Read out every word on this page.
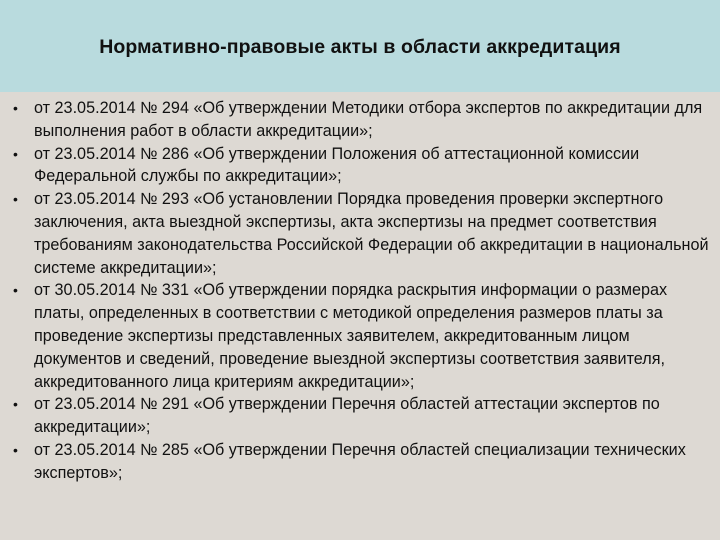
Нормативно-правовые акты в области аккредитация
• от 23.05.2014 № 294 «Об утверждении Методики отбора экспертов по аккредитации для выполнения работ в области аккредитации»;
• от 23.05.2014 № 286 «Об утверждении Положения об аттестационной комиссии Федеральной службы по аккредитации»;
• от 23.05.2014 № 293 «Об установлении Порядка проведения проверки экспертного заключения, акта выездной экспертизы, акта экспертизы на предмет соответствия требованиям законодательства Российской Федерации об аккредитации в национальной системе аккредитации»;
• от 30.05.2014 № 331 «Об утверждении порядка раскрытия информации о размерах платы, определенных в соответствии с методикой определения размеров платы за проведение экспертизы представленных заявителем, аккредитованным лицом документов и сведений, проведение выездной экспертизы соответствия заявителя, аккредитованного лица критериям аккредитации»;
• от 23.05.2014 № 291 «Об утверждении Перечня областей аттестации экспертов по аккредитации»;
• от 23.05.2014 № 285 «Об утверждении Перечня областей специализации технических экспертов»;
